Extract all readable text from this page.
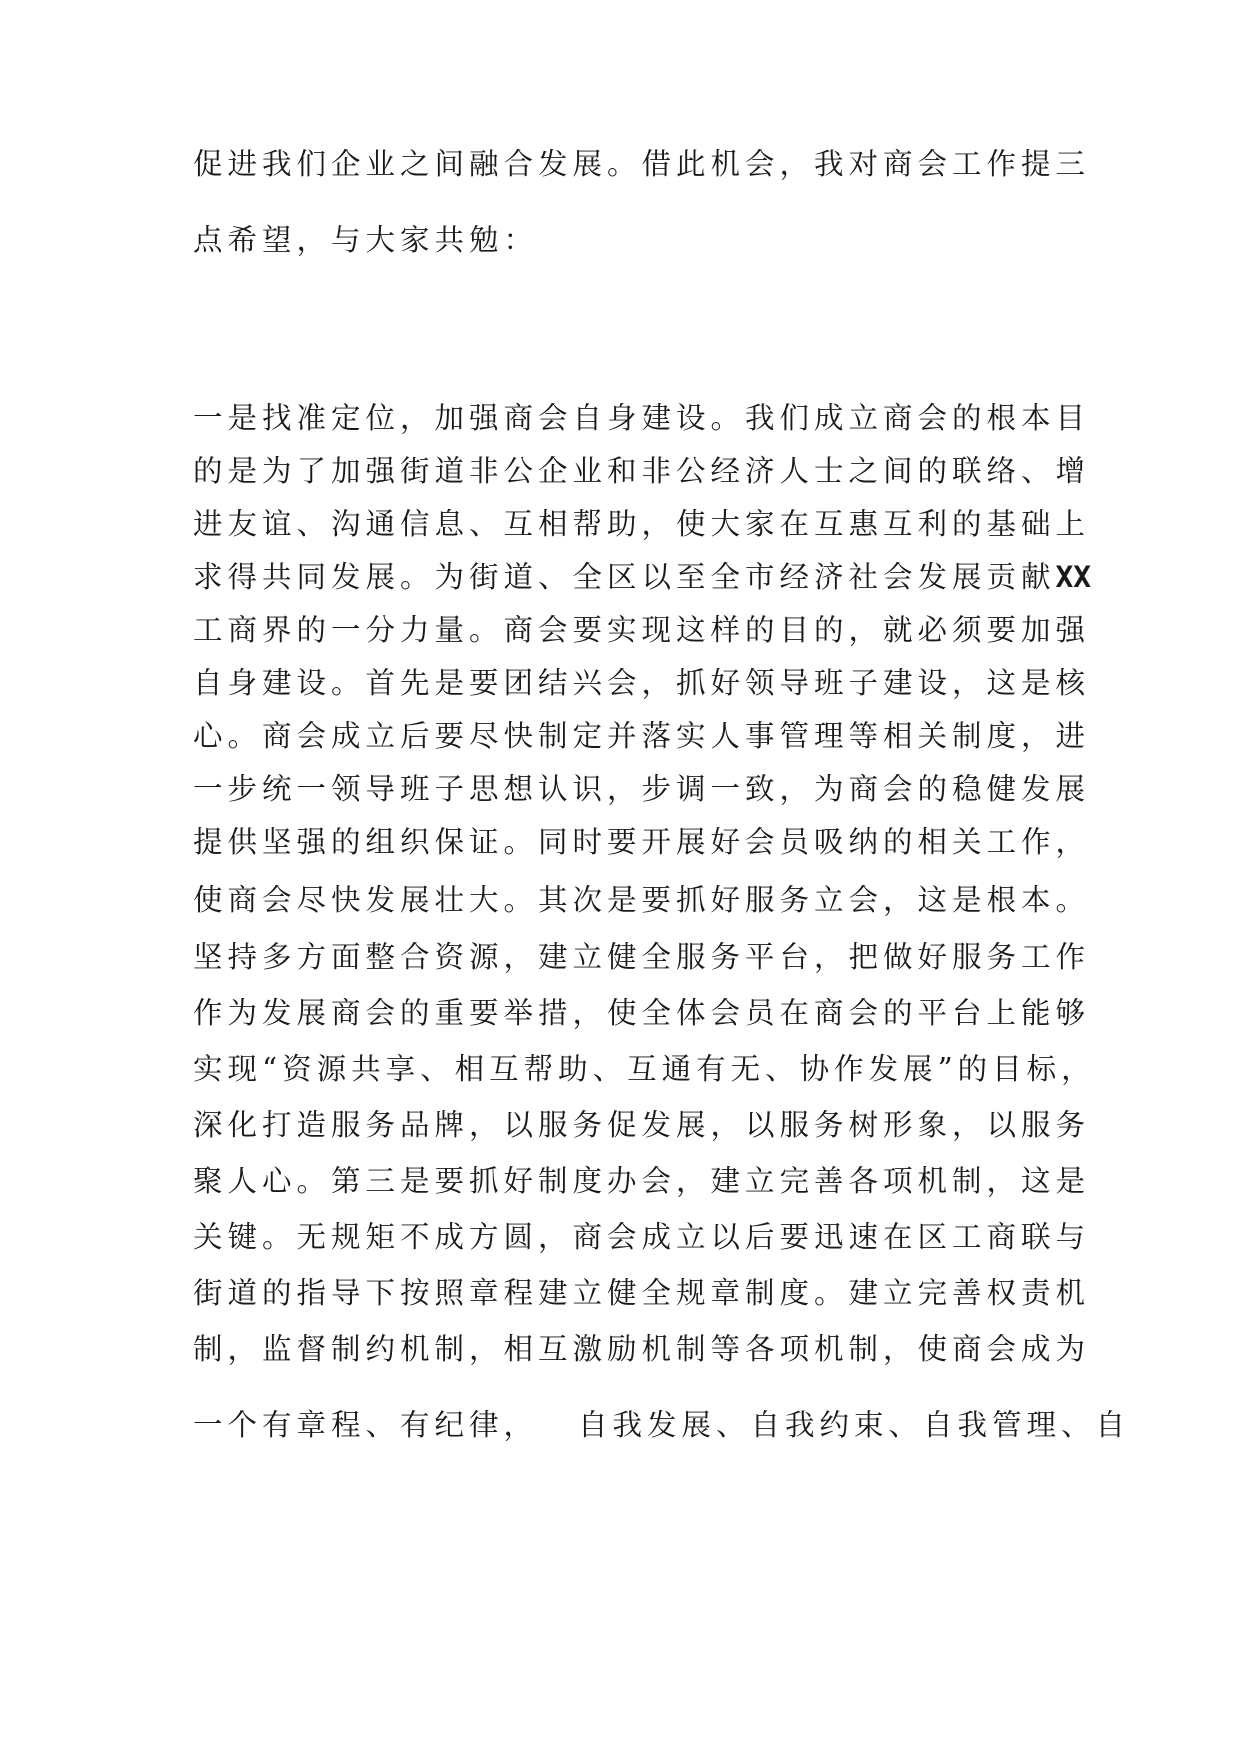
促进我们企业之间融合发展。借此机会，我对商会工作提三
点希望，与大家共勉：
一是找准定位，加强商会自身建设。我们成立商会的根本目
的是为了加强街道非公企业和非公经济人士之间的联络、增
进友谊、沟通信息、互相帮助，使大家在互惠互利的基础上
求得共同发展。为街道、全区以至全市经济社会发展贡献XX
工商界的一分力量。商会要实现这样的目的，就必须要加强
自身建设。首先是要团结兴会，抓好领导班子建设，这是核
心。商会成立后要尽快制定并落实人事管理等相关制度，进
一步统一领导班子思想认识，步调一致，为商会的稳健发展
提供坚强的组织保证。同时要开展好会员吸纳的相关工作，
使商会尽快发展壮大。其次是要抓好服务立会，这是根本。
坚持多方面整合资源，建立健全服务平台，把做好服务工作
作为发展商会的重要举措，使全体会员在商会的平台上能够
实现“资源共享、相互帮助、互通有无、协作发展”的目标，
深化打造服务品牌，以服务促发展，以服务树形象，以服务
聚人心。第三是要抓好制度办会，建立完善各项机制，这是
关键。无规矩不成方圆，商会成立以后要迅速在区工商联与
街道的指导下按照章程建立健全规章制度。建立完善权责机
制，监督制约机制，相互激励机制等各项机制，使商会成为
一个有章程、有纪律， 自我发展、自我约束、自我管理、自
